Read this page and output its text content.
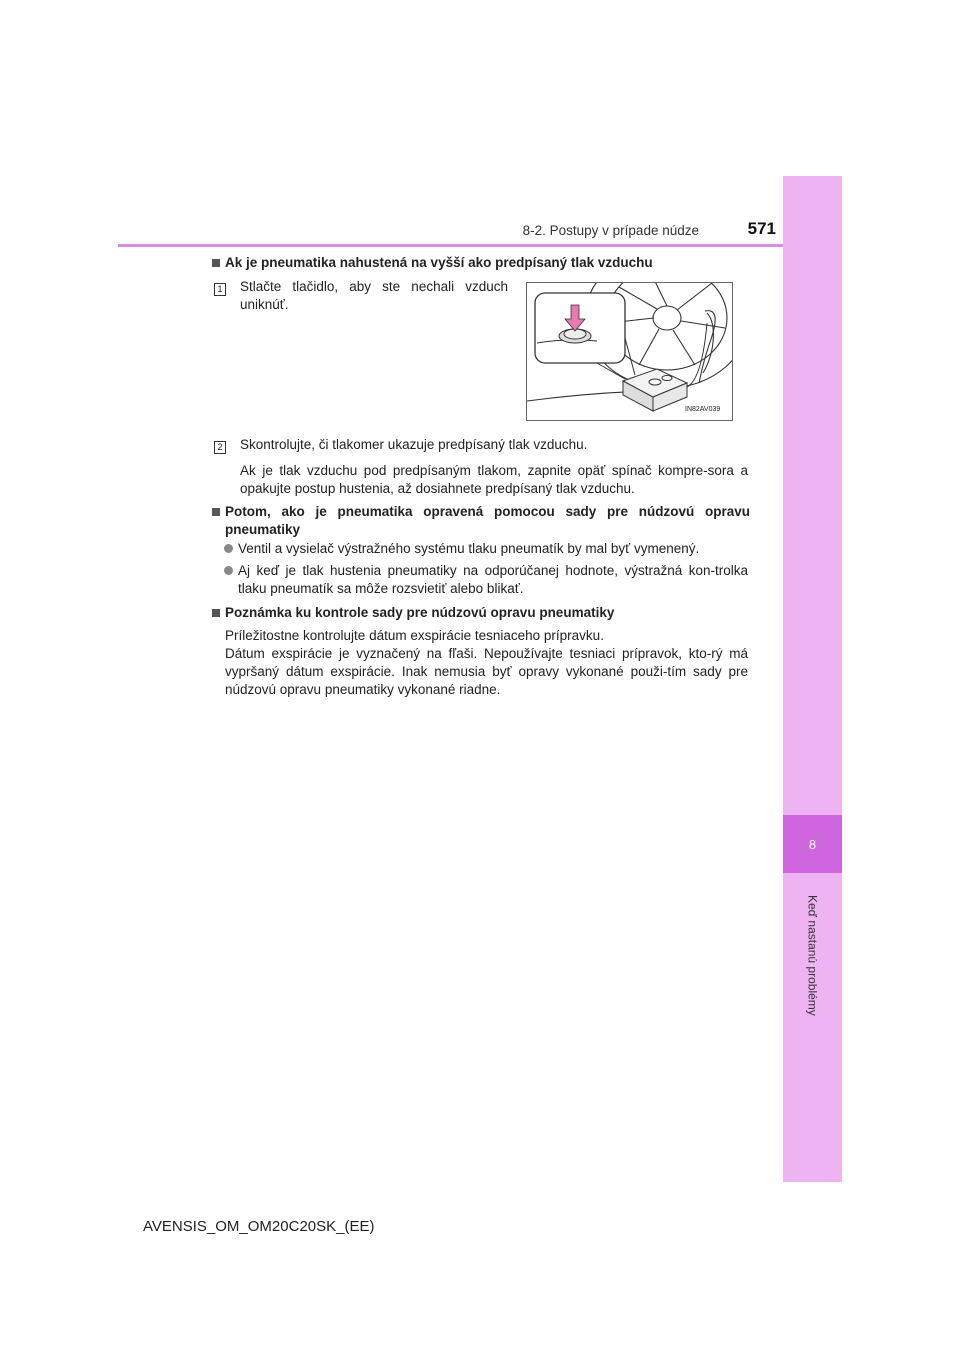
8
Keď nastanú problémy
8-2. Postupy v prípade núdze	571
Ak je pneumatika nahustená na vyšší ako predpísaný tlak vzduchu
1 Stlačte tlačidlo, aby ste nechali vzduch uniknúť.
IN82AV039
2 Skontrolujte, či tlakomer ukazuje predpísaný tlak vzduchu.
Ak je tlak vzduchu pod predpísaným tlakom, zapnite opäť spínač kompre-sora a opakujte postup hustenia, až dosiahnete predpísaný tlak vzduchu.
Potom, ako je pneumatika opravená pomocou sady pre núdzovú opravu pneumatiky
Ventil a vysielač výstražného systému tlaku pneumatík by mal byť vymenený.
Aj keď je tlak hustenia pneumatiky na odporúčanej hodnote, výstražná kon-trolka tlaku pneumatík sa môže rozsvietiť alebo blikať.
Poznámka ku kontrole sady pre núdzovú opravu pneumatiky
Príležitostne kontrolujte dátum exspirácie tesniaceho prípravku.
Dátum exspirácie je vyznačený na fľaši. Nepoužívajte tesniaci prípravok, kto-rý má vypršaný dátum exspirácie. Inak nemusia byť opravy vykonané použi-tím sady pre núdzovú opravu pneumatiky vykonané riadne.
AVENSIS_OM_OM20C20SK_(EE)
